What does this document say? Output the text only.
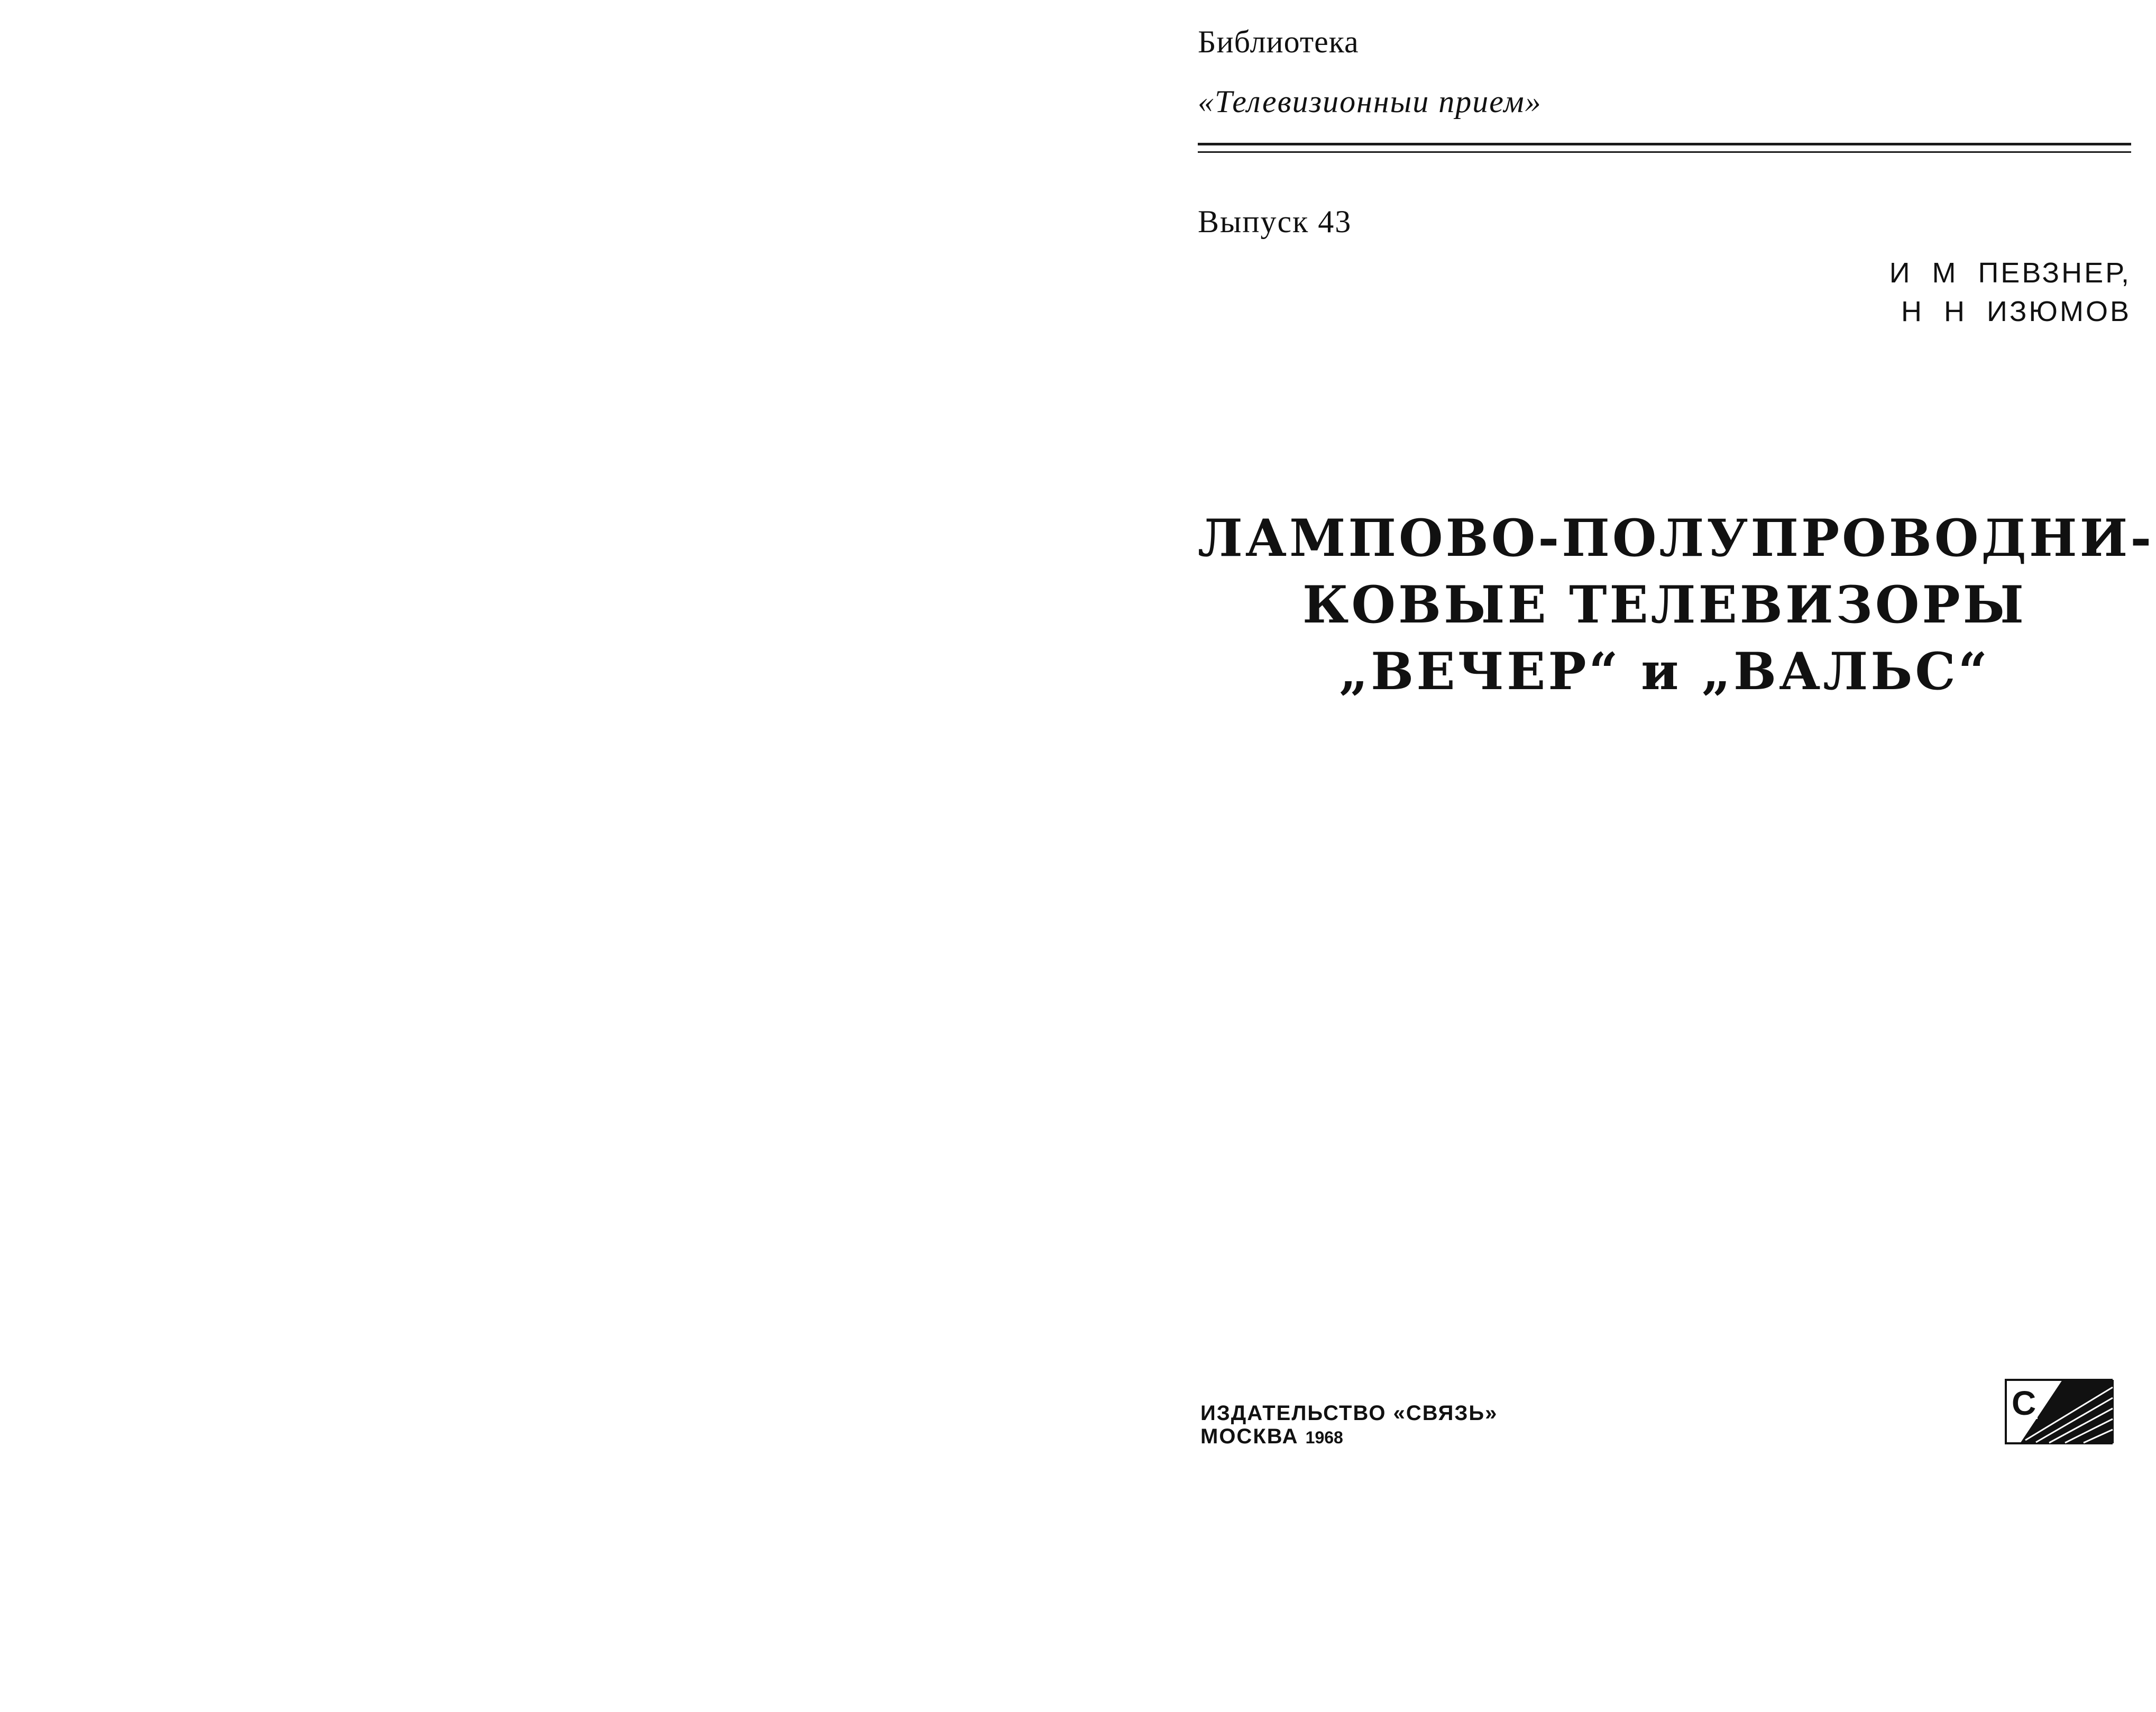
Библиотека
«Телевизионныи прием»
Выпуск 43
И  М  ПЕВЗНЕР,
Н  Н  ИЗЮМОВ
ЛАМПОВО-ПОЛУПРОВОДНИ-
КОВЫЕ ТЕЛЕВИЗОРЫ
„ВЕЧЕР“ и „ВАЛЬС“
ИЗДАТЕЛЬСТВО «СВЯЗЬ»
МОСКВА 1968
С
